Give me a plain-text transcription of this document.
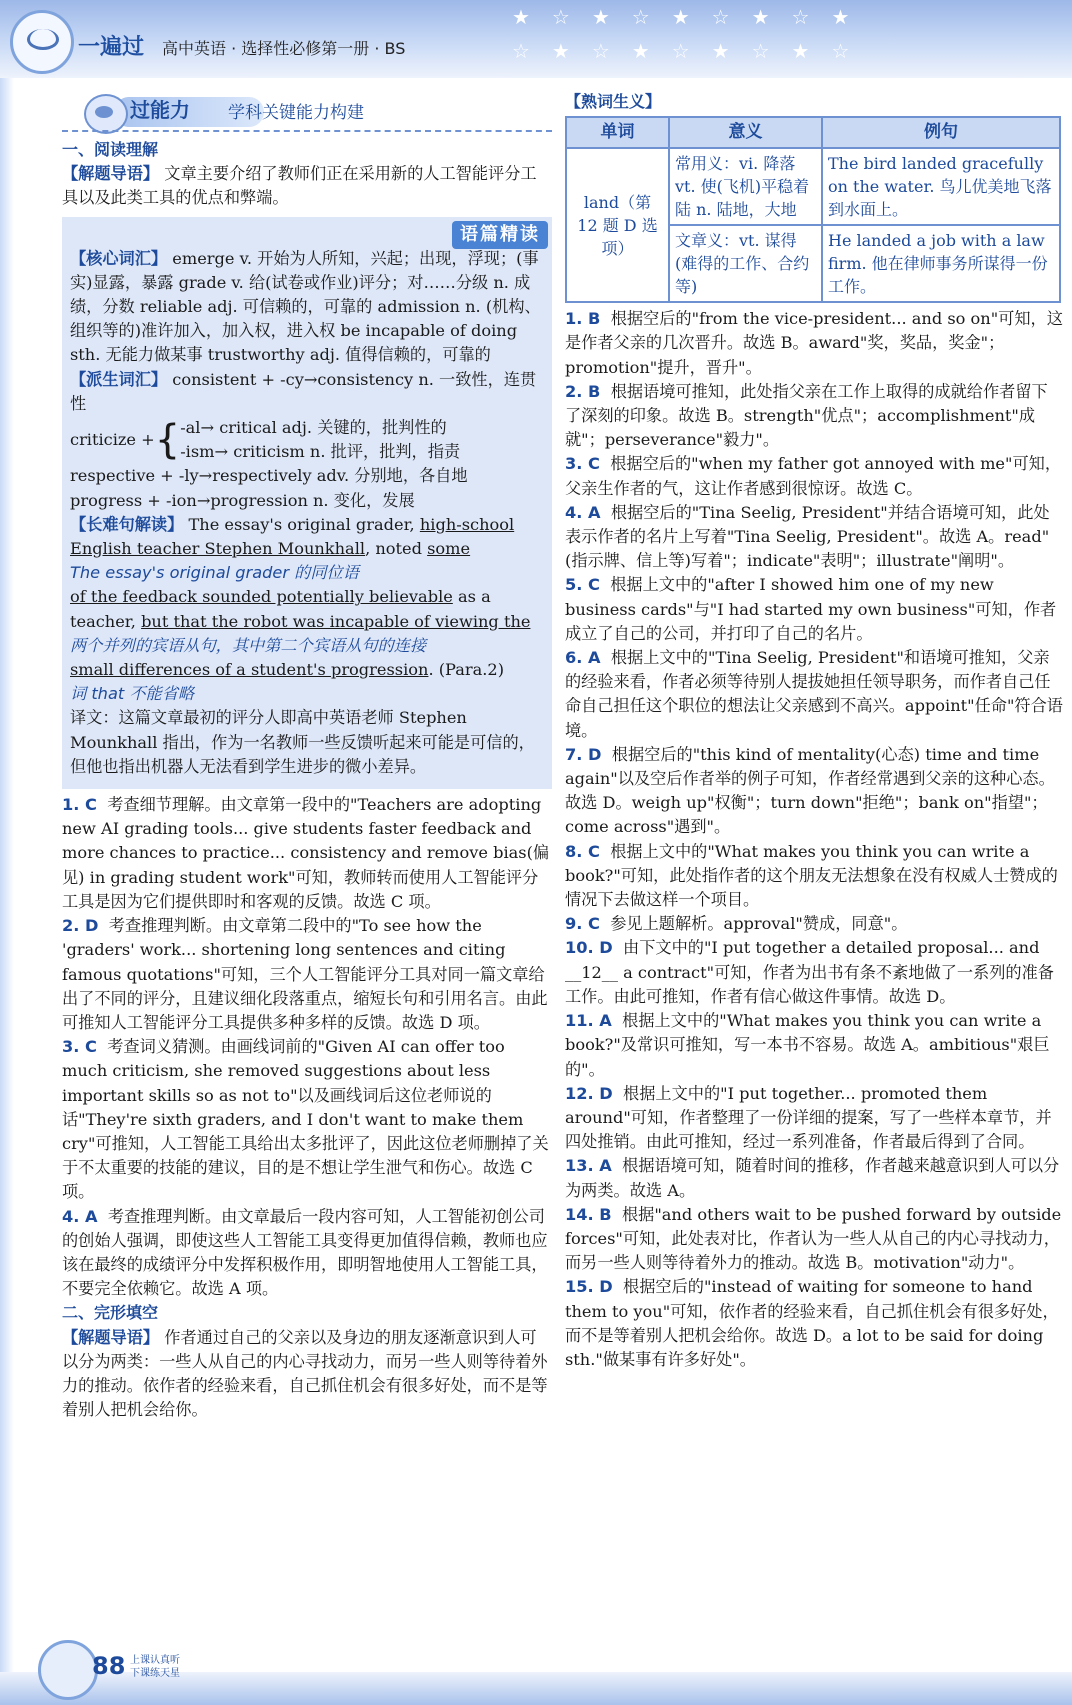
一遍过 高中英语 · 选择性必修第一册 · BS
★☆★☆★☆★☆★
☆★☆★☆★☆★☆
过能力 学科关键能力构建

一、阅读理解

【解题导语】 文章主要介绍了教师们正在采用新的人工智能评分工具以及此类工具的优点和弊端。

语篇精读

【核心词汇】 emerge v. 开始为人所知，兴起；出现，浮现；(事实)显露，暴露 grade v. 给(试卷或作业)评分；对……分级 n. 成绩，分数 reliable adj. 可信赖的，可靠的 admission n. (机构、组织等的)准许加入，加入权，进入权 be incapable of doing sth. 无能力做某事 trustworthy adj. 值得信赖的，可靠的

【派生词汇】 consistent + -cy→consistency n. 一致性，连贯性

criticize + { -al→ critical adj. 关键的，批判性的
-ism→ criticism n. 批评，批判，指责

respective + -ly→respectively adv. 分别地，各自地

progress + -ion→progression n. 变化，发展

【长难句解读】 The essay's original grader, high-school English teacher Stephen Mounkhall, noted some

The essay's original grader 的同位语

of the feedback sounded potentially believable as a teacher, but that the robot was incapable of viewing the

两个并列的宾语从句，其中第二个宾语从句的连接

small differences of a student's progression. (Para.2)

词 that 不能省略

译文：这篇文章最初的评分人即高中英语老师 Stephen Mounkhall 指出，作为一名教师一些反馈听起来可能是可信的，但他也指出机器人无法看到学生进步的微小差异。

1. C 考查细节理解。由文章第一段中的"Teachers are adopting new AI grading tools... give students faster feedback and more chances to practice... consistency and remove bias(偏见) in grading student work"可知，教师转而使用人工智能评分工具是因为它们提供即时和客观的反馈。故选 C 项。

2. D 考查推理判断。由文章第二段中的"To see how the 'graders' work... shortening long sentences and citing famous quotations"可知，三个人工智能评分工具对同一篇文章给出了不同的评分，且建议细化段落重点，缩短长句和引用名言。由此可推知人工智能评分工具提供多种多样的反馈。故选 D 项。

3. C 考查词义猜测。由画线词前的"Given AI can offer too much criticism, she removed suggestions about less important skills so as not to"以及画线词后这位老师说的话"They're sixth graders, and I don't want to make them cry"可推知，人工智能工具给出太多批评了，因此这位老师删掉了关于不太重要的技能的建议，目的是不想让学生泄气和伤心。故选 C 项。

4. A 考查推理判断。由文章最后一段内容可知，人工智能初创公司的创始人强调，即使这些人工智能工具变得更加值得信赖，教师也应该在最终的成绩评分中发挥积极作用，即明智地使用人工智能工具，不要完全依赖它。故选 A 项。

二、完形填空

【解题导语】 作者通过自己的父亲以及身边的朋友逐渐意识到人可以分为两类：一些人从自己的内心寻找动力，而另一些人则等待着外力的推动。依作者的经验来看，自己抓住机会有很多好处，而不是等着别人把机会给你。

【熟词生义】

单词	意义	例句
land（第 12 题 D 选项）	常用义：vi. 降落 vt. 使(飞机)平稳着陆 n. 陆地，大地	The bird landed gracefully on the water. 鸟儿优美地飞落到水面上。
	文章义：vt. 谋得(难得的工作、合约等)	He landed a job with a law firm. 他在律师事务所谋得一份工作。

1. B 根据空后的"from the vice-president... and so on"可知，这是作者父亲的几次晋升。故选 B。award"奖，奖品，奖金"；promotion"提升，晋升"。

2. B 根据语境可推知，此处指父亲在工作上取得的成就给作者留下了深刻的印象。故选 B。strength"优点"；accomplishment"成就"；perseverance"毅力"。

3. C 根据空后的"when my father got annoyed with me"可知，父亲生作者的气，这让作者感到很惊讶。故选 C。

4. A 根据空后的"Tina Seelig, President"并结合语境可知，此处表示作者的名片上写着"Tina Seelig, President"。故选 A。read"(指示牌、信上等)写着"；indicate"表明"；illustrate"阐明"。

5. C 根据上文中的"after I showed him one of my new business cards"与"I had started my own business"可知，作者成立了自己的公司，并打印了自己的名片。

6. A 根据上文中的"Tina Seelig, President"和语境可推知，父亲的经验来看，作者必须等待别人提拔她担任领导职务，而作者自己任命自己担任这个职位的想法让父亲感到不高兴。appoint"任命"符合语境。

7. D 根据空后的"this kind of mentality(心态) time and time again"以及空后作者举的例子可知，作者经常遇到父亲的这种心态。故选 D。weigh up"权衡"；turn down"拒绝"；bank on"指望"；come across"遇到"。

8. C 根据上文中的"What makes you think you can write a book?"可知，此处指作者的这个朋友无法想象在没有权威人士赞成的情况下去做这样一个项目。

9. C 参见上题解析。approval"赞成，同意"。

10. D 由下文中的"I put together a detailed proposal... and __12__ a contract"可知，作者为出书有条不紊地做了一系列的准备工作。由此可推知，作者有信心做这件事情。故选 D。

11. A 根据上文中的"What makes you think you can write a book?"及常识可推知，写一本书不容易。故选 A。ambitious"艰巨的"。

12. D 根据上文中的"I put together... promoted them around"可知，作者整理了一份详细的提案，写了一些样本章节，并四处推销。由此可推知，经过一系列准备，作者最后得到了合同。

13. A 根据语境可知，随着时间的推移，作者越来越意识到人可以分为两类。故选 A。

14. B 根据"and others wait to be pushed forward by outside forces"可知，此处表对比，作者认为一些人从自己的内心寻找动力，而另一些人则等待着外力的推动。故选 B。motivation"动力"。

15. D 根据空后的"instead of waiting for someone to hand them to you"可知，依作者的经验来看，自己抓住机会有很多好处，而不是等着别人把机会给你。故选 D。a lot to be said for doing sth."做某事有许多好处"。

88 上课认真听
下课练天星
